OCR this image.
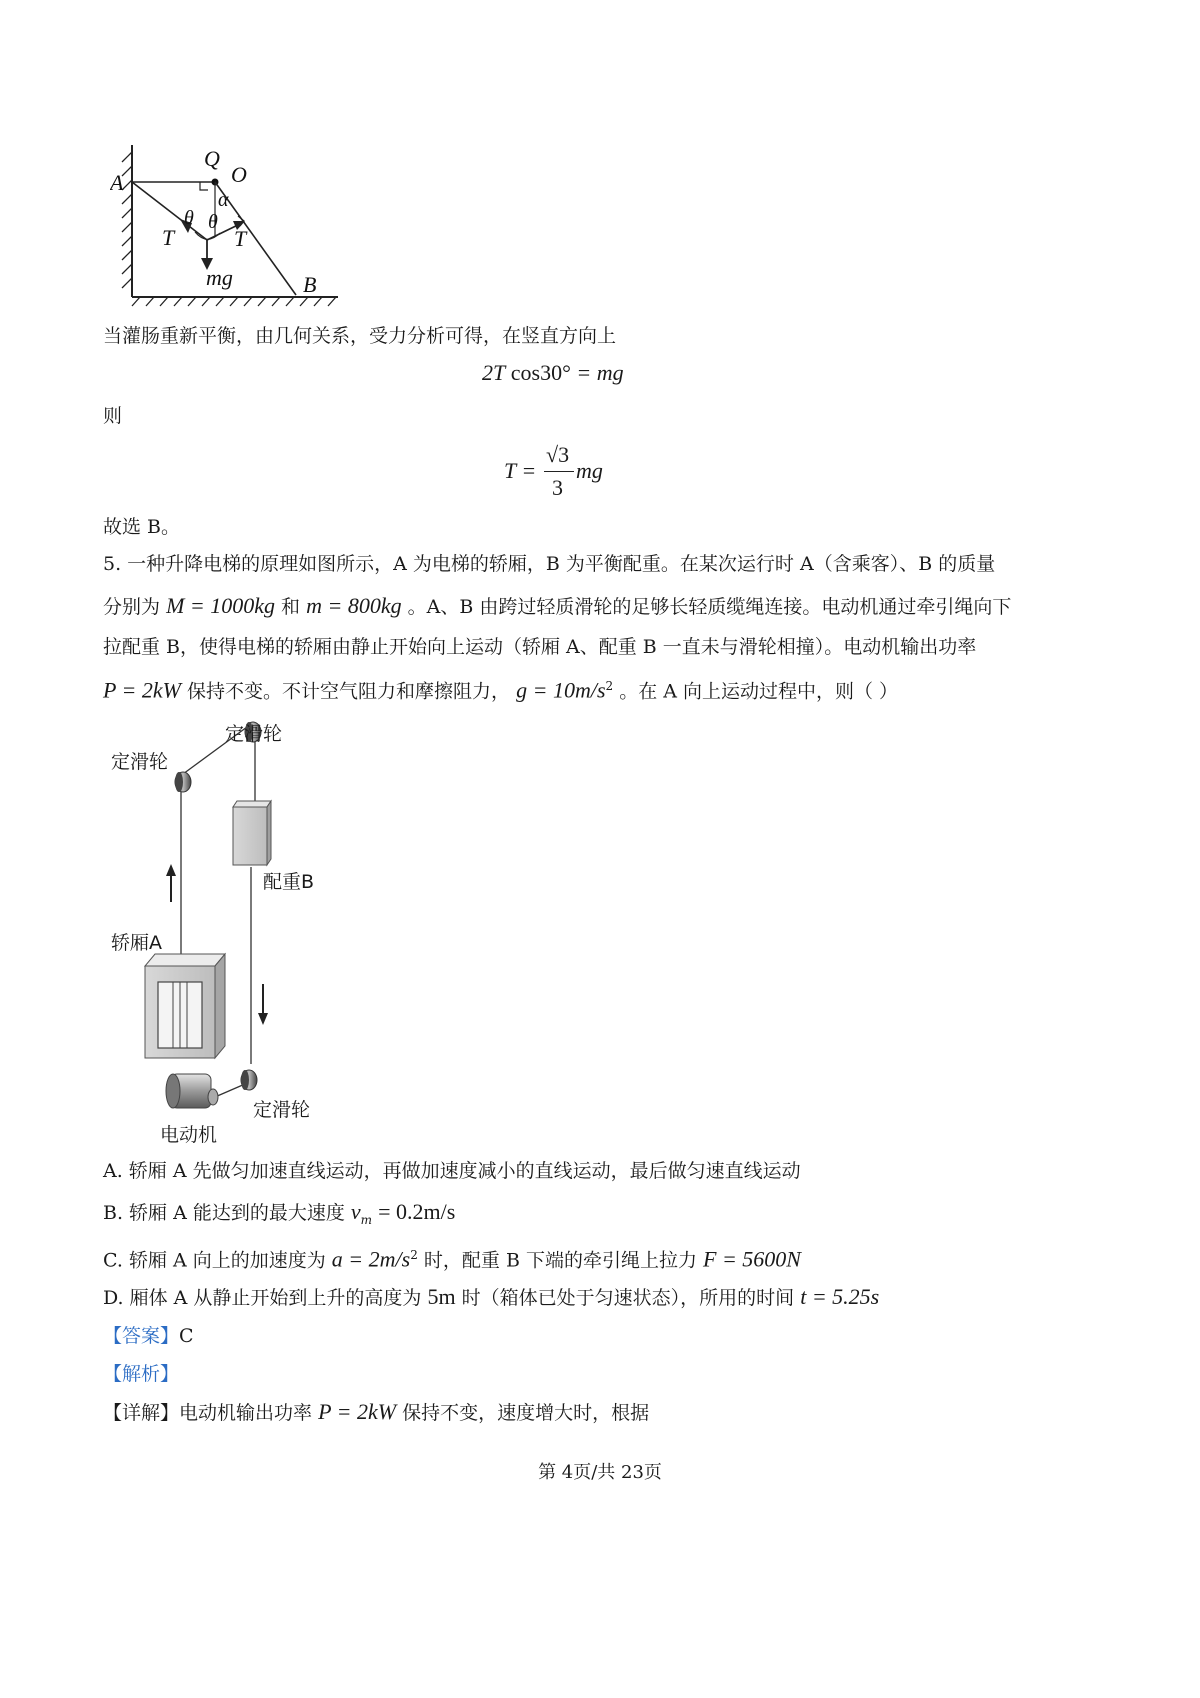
Q
O
A
α
θ θ
T	T
mg	B
当灌肠重新平衡，由几何关系，受力分析可得，在竖直方向上
2T cos30° = mg
则
T =
√3
3
mg
故选 B。
5. 一种升降电梯的原理如图所示，A 为电梯的轿厢，B 为平衡配重。在某次运行时 A（含乘客）、B 的质量
分别为 M = 1000kg 和 m = 800kg 。A、B 由跨过轻质滑轮的足够长轻质缆绳连接。电动机通过牵引绳向下
拉配重 B，使得电梯的轿厢由静止开始向上运动（轿厢 A、配重 B 一直未与滑轮相撞）。电动机输出功率
P = 2kW 保持不变。不计空气阻力和摩擦阻力， $g = 10m/s^2$ 。在 A 向上运动过程中，则（ ）
定滑轮
定滑轮
配重B
轿厢A
定滑轮
电动机
A. 轿厢 A 先做匀加速直线运动，再做加速度减小的直线运动，最后做匀速直线运动
B. 轿厢 A 能达到的最大速度 $v_m = 0.2m/s$
C. 轿厢 A 向上的加速度为 $a = 2m/s^2$ 时，配重 B 下端的牵引绳上拉力 F = 5600N
D. 厢体 A 从静止开始到上升的高度为 5m 时（箱体已处于匀速状态），所用的时间 t = 5.25s
【答案】C
【解析】
【详解】电动机输出功率 P = 2kW 保持不变，速度增大时，根据
第 4页/共 23页
